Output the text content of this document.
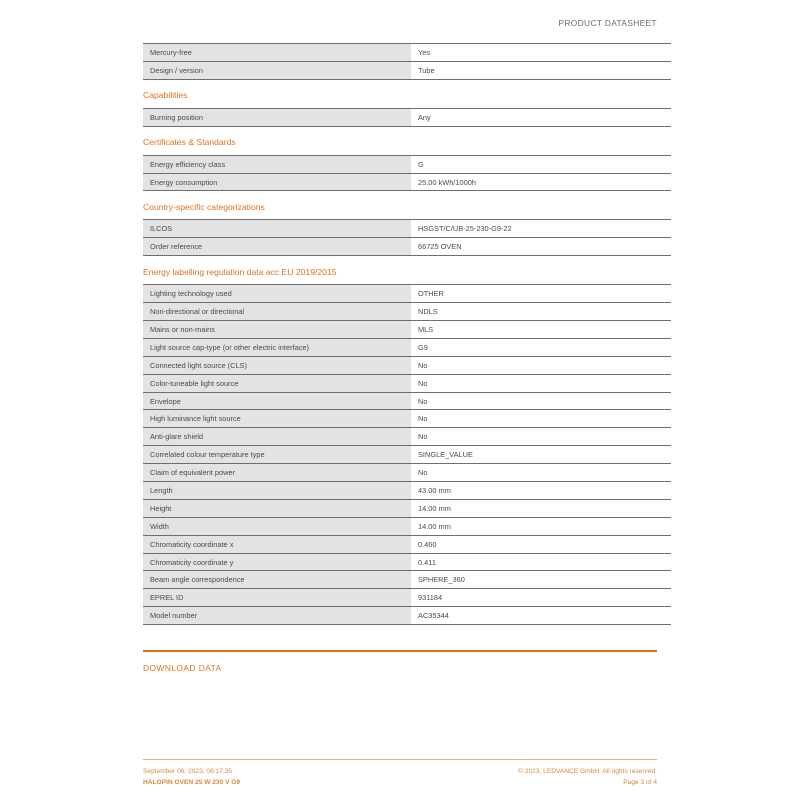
PRODUCT DATASHEET
Mercury-free	Yes
Design / version	Tube
Capabilities
Burning position	Any
Certificates & Standards
Energy efficiency class	G
Energy consumption	25.00 kWh/1000h
Country-specific categorizations
ILCOS	HSGST/C/UB-25-230-G9-22
Order reference	66725 OVEN
Energy labelling regulation data acc EU 2019/2015
Lighting technology used	OTHER
Non-directional or directional	NDLS
Mains or non-mains	MLS
Light source cap-type (or other electric interface)	G9
Connected light source (CLS)	No
Color-tuneable light source	No
Envelope	No
High luminance light source	No
Anti-glare shield	No
Correlated colour temperature type	SINGLE_VALUE
Claim of equivalent power	No
Length	43.00 mm
Height	14.00 mm
Width	14.00 mm
Chromaticity coordinate x	0.460
Chromaticity coordinate y	0.411
Beam angle correspondence	SPHERE_360
EPREL ID	931184
Model number	AC35344
DOWNLOAD DATA
September 06, 2023, 08:17:35
HALOPIN OVEN 25 W 230 V G9
© 2023, LEDVANCE GmbH. All rights reserved.
Page 3 of 4
